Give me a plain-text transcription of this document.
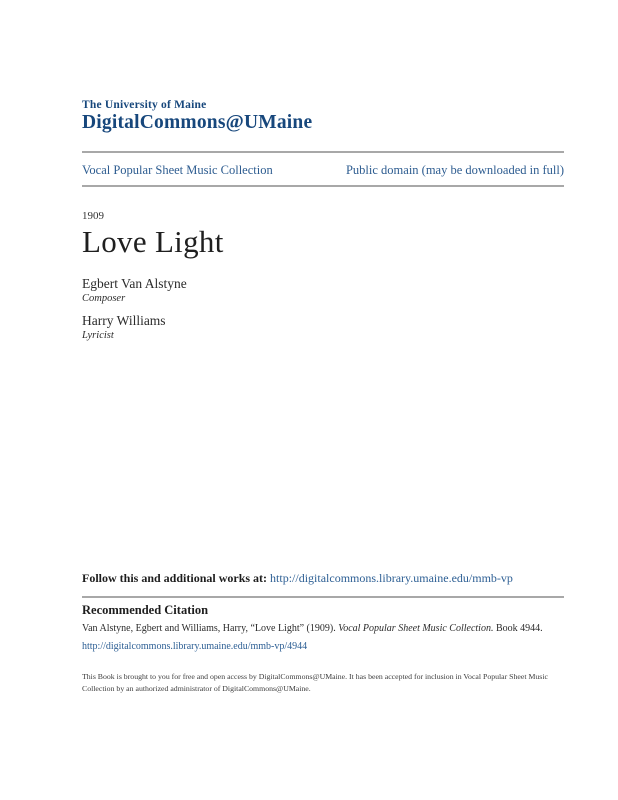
The University of Maine
DigitalCommons@UMaine
Vocal Popular Sheet Music Collection	Public domain (may be downloaded in full)
1909
Love Light
Egbert Van Alstyne
Composer
Harry Williams
Lyricist
Follow this and additional works at: http://digitalcommons.library.umaine.edu/mmb-vp
Recommended Citation

Van Alstyne, Egbert and Williams, Harry, “Love Light” (1909). Vocal Popular Sheet Music Collection. Book 4944.

http://digitalcommons.library.umaine.edu/mmb-vp/4944

This Book is brought to you for free and open access by DigitalCommons@UMaine. It has been accepted for inclusion in Vocal Popular Sheet Music Collection by an authorized administrator of DigitalCommons@UMaine.
